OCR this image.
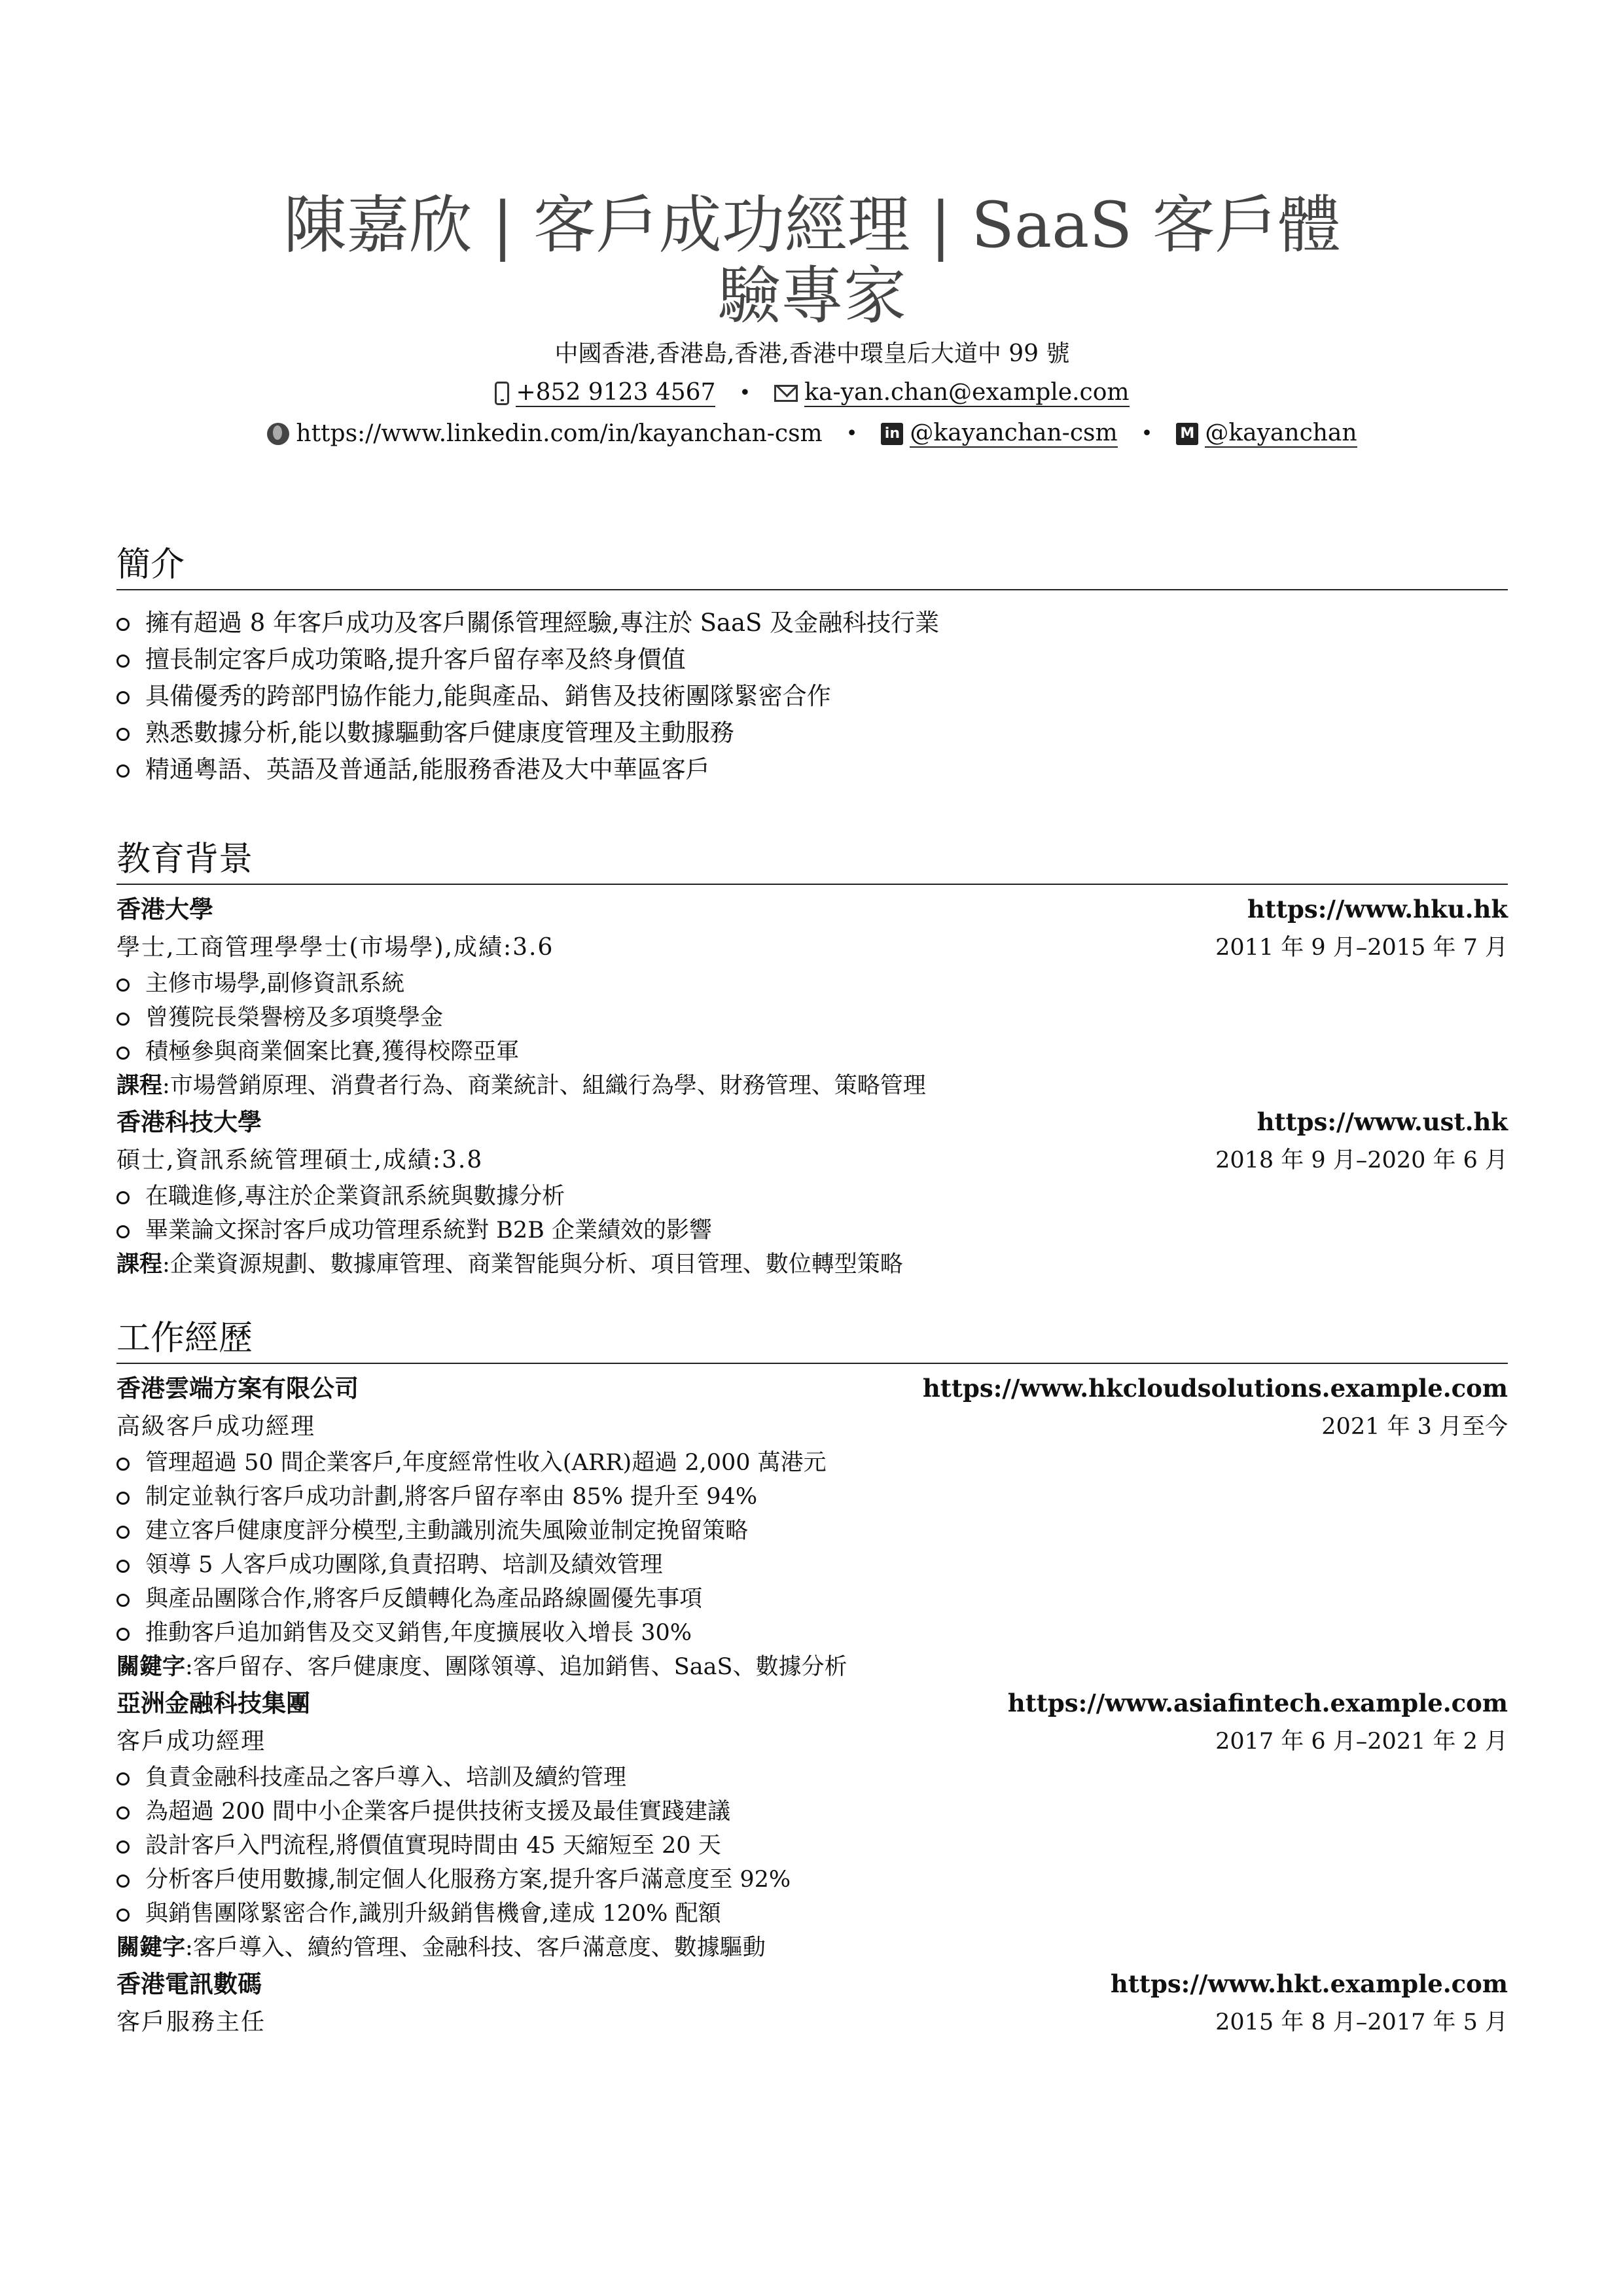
陳嘉欣 | 客戶成功經理 | SaaS 客戶體驗專家
中國香港,香港島,香港,香港中環皇后大道中 99 號
+852 9123 4567 • ka-yan.chan@example.com
https://www.linkedin.com/in/kayanchan-csm • in @kayanchan-csm • M @kayanchan
簡介
擁有超過 8 年客戶成功及客戶關係管理經驗,專注於 SaaS 及金融科技行業
擅長制定客戶成功策略,提升客戶留存率及終身價值
具備優秀的跨部門協作能力,能與產品、銷售及技術團隊緊密合作
熟悉數據分析,能以數據驅動客戶健康度管理及主動服務
精通粵語、英語及普通話,能服務香港及大中華區客戶
教育背景
香港大學	https://www.hku.hk
學士,工商管理學學士(市場學),成績:3.6	2011 年 9 月–2015 年 7 月
主修市場學,副修資訊系統
曾獲院長榮譽榜及多項獎學金
積極參與商業個案比賽,獲得校際亞軍
課程:市場營銷原理、消費者行為、商業統計、組織行為學、財務管理、策略管理
香港科技大學	https://www.ust.hk
碩士,資訊系統管理碩士,成績:3.8	2018 年 9 月–2020 年 6 月
在職進修,專注於企業資訊系統與數據分析
畢業論文探討客戶成功管理系統對 B2B 企業績效的影響
課程:企業資源規劃、數據庫管理、商業智能與分析、項目管理、數位轉型策略
工作經歷
香港雲端方案有限公司	https://www.hkcloudsolutions.example.com
高級客戶成功經理	2021 年 3 月至今
管理超過 50 間企業客戶,年度經常性收入(ARR)超過 2,000 萬港元
制定並執行客戶成功計劃,將客戶留存率由 85% 提升至 94%
建立客戶健康度評分模型,主動識別流失風險並制定挽留策略
領導 5 人客戶成功團隊,負責招聘、培訓及績效管理
與產品團隊合作,將客戶反饋轉化為產品路線圖優先事項
推動客戶追加銷售及交叉銷售,年度擴展收入增長 30%
關鍵字:客戶留存、客戶健康度、團隊領導、追加銷售、SaaS、數據分析
亞洲金融科技集團	https://www.asiafintech.example.com
客戶成功經理	2017 年 6 月–2021 年 2 月
負責金融科技產品之客戶導入、培訓及續約管理
為超過 200 間中小企業客戶提供技術支援及最佳實踐建議
設計客戶入門流程,將價值實現時間由 45 天縮短至 20 天
分析客戶使用數據,制定個人化服務方案,提升客戶滿意度至 92%
與銷售團隊緊密合作,識別升級銷售機會,達成 120% 配額
關鍵字:客戶導入、續約管理、金融科技、客戶滿意度、數據驅動
香港電訊數碼	https://www.hkt.example.com
客戶服務主任	2015 年 8 月–2017 年 5 月
